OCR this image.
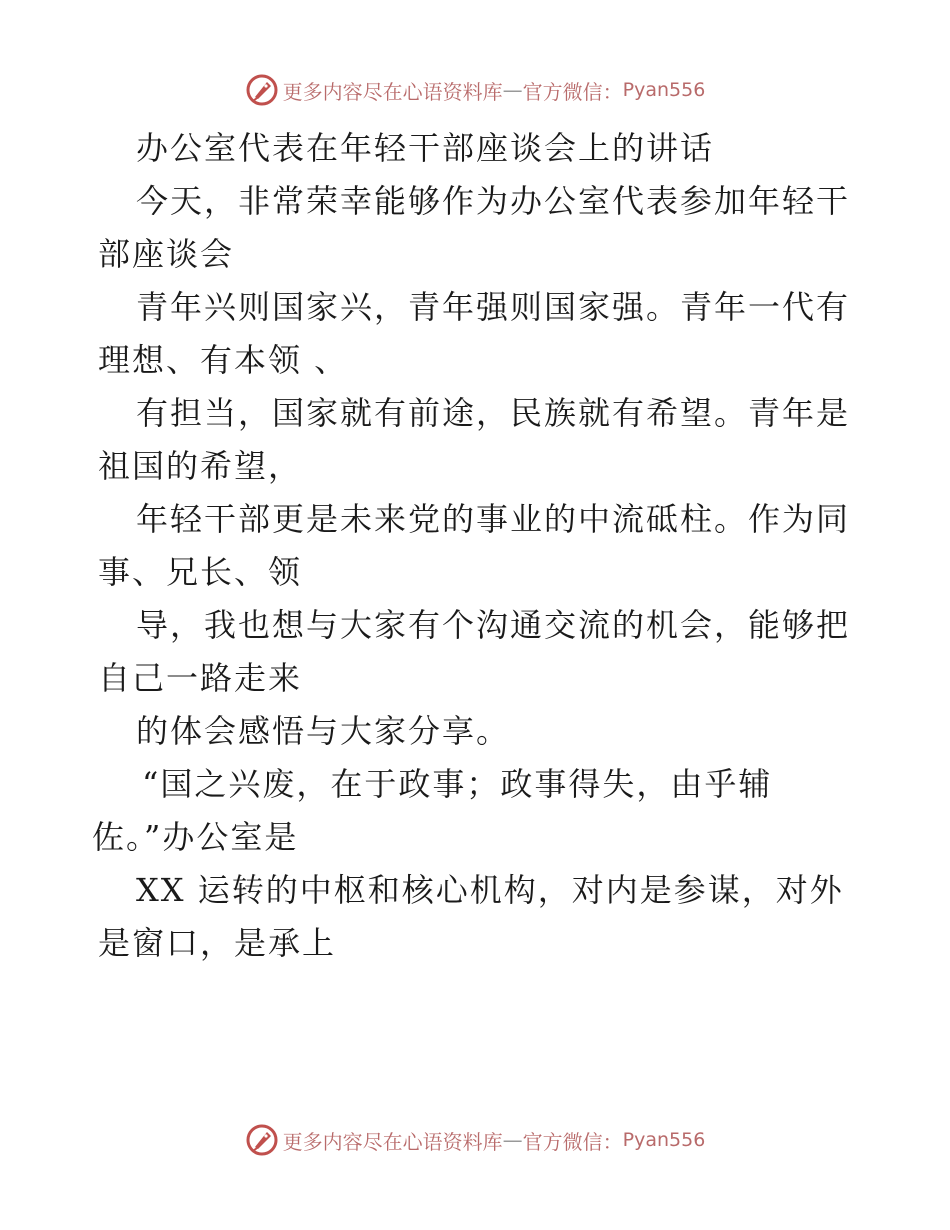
更多内容尽在心语资料库 — 官方微信： Pyan556
办公室代表在年轻干部座谈会上的讲话
今天，非常荣幸能够作为办公室代表参加年轻干
部座谈会
青年兴则国家兴，青年强则国家强。青年一代有
理想、有本领 、
有担当，国家就有前途，民族就有希望。青年是
祖国的希望，
年轻干部更是未来党的事业的中流砥柱。作为同
事、兄长、领
导，我也想与大家有个沟通交流的机会，能够把
自己一路走来
的体会感悟与大家分享。
“国之兴废，在于政事；政事得失，由乎辅
佐。”办公室是
XX 运转的中枢和核心机构，对内是参谋，对外
是窗口，是承上
更多内容尽在心语资料库 — 官方微信： Pyan556
